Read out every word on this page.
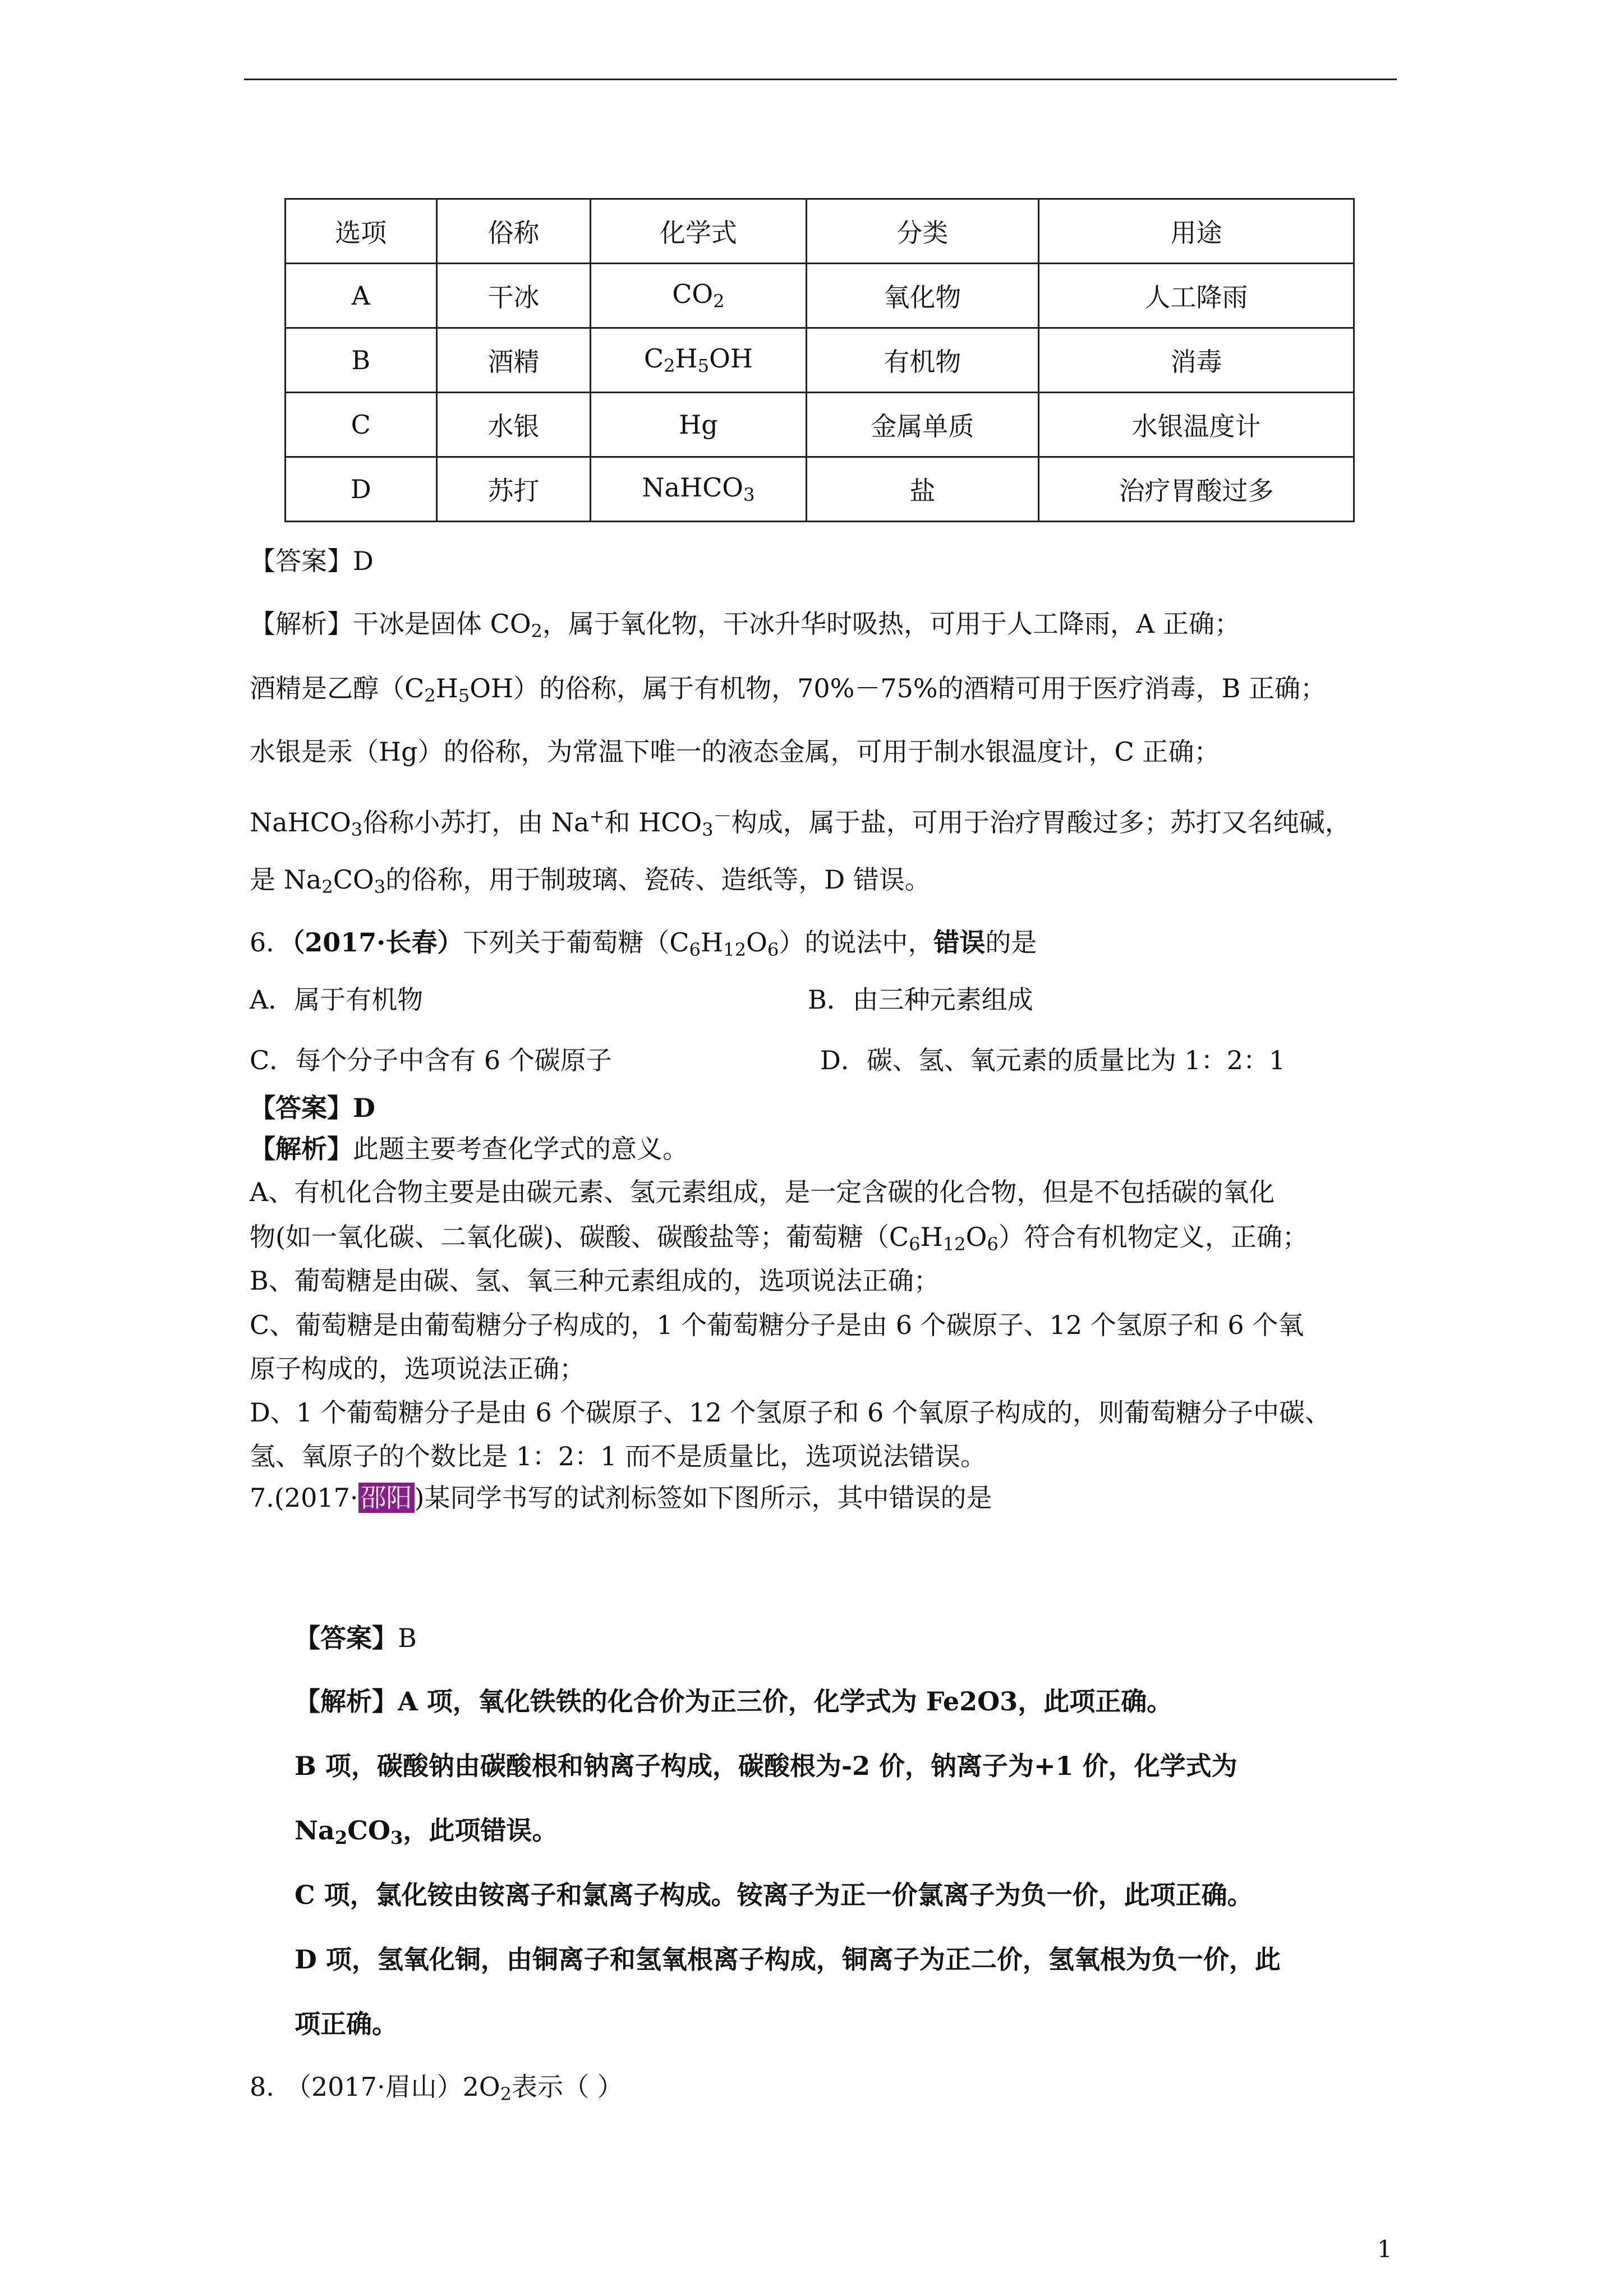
选项	俗称	化学式	分类	用途
A	干冰	$CO_2$	氧化物	人工降雨
B	酒精	$C_2H_5OH$	有机物	消毒
C	水银	Hg	金属单质	水银温度计
D	苏打	NaHCO$_3$	盐	治疗胃酸过多
【答案】D
【解析】干冰是固体 $CO_2$，属于氧化物，干冰升华时吸热，可用于人工降雨，A 正确；
酒精是乙醇$(C_2H_5OH)$的俗称，属于有机物，70%－75%的酒精可用于医疗消毒，B 正确；
水银是汞（Hg）的俗称，为常温下唯一的液态金属，可用于制水银温度计，C 正确；
NaHCO$_3$俗称小苏打，由 Na+和 $HCO_3^-$构成，属于盐，可用于治疗胃酸过多；苏打又名纯碱，
是 $Na_2CO_3$的俗称，用于制玻璃、瓷砖、造纸等，D 错误。
6．（2017·长春）下列关于葡萄糖$(C_6H_{12}O_6)$的说法中，错误的是
A．属于有机物	B．由三种元素组成
C．每个分子中含有 6 个碳原子	D．碳、氢、氧元素的质量比为 1：2：1
【答案】D
【解析】此题主要考查化学式的意义。
A、有机化合物主要是由碳元素、氢元素组成，是一定含碳的化合物，但是不包括碳的氧化
物(如一氧化碳、二氧化碳)、碳酸、碳酸盐等；葡萄糖$(C_6H_{12}O_6)$符合有机物定义，正确；
B、葡萄糖是由碳、氢、氧三种元素组成的，选项说法正确；
C、葡萄糖是由葡萄糖分子构成的，1 个葡萄糖分子是由 6 个碳原子、12 个氢原子和 6 个氧
原子构成的，选项说法正确；
D、1 个葡萄糖分子是由 6 个碳原子、12 个氢原子和 6 个氧原子构成的，则葡萄糖分子中碳、
氢、氧原子的个数比是 1：2：1 而不是质量比，选项说法错误。
7.(2017·邵阳)某同学书写的试剂标签如下图所示，其中错误的是
【答案】B
【解析】A 项，氧化铁铁的化合价为正三价，化学式为 Fe2O3，此项正确。
B 项，碳酸钠由碳酸根和钠离子构成，碳酸根为-2 价，钠离子为+1 价，化学式为
$Na_2CO_3$，此项错误。
C 项，氯化铵由铵离子和氯离子构成。铵离子为正一价氯离子为负一价，此项正确。
D 项，氢氧化铜，由铜离子和氢氧根离子构成，铜离子为正二价，氢氧根为负一价，此
项正确。
8. （2017·眉山）$2O_2$表示（ ）
1
